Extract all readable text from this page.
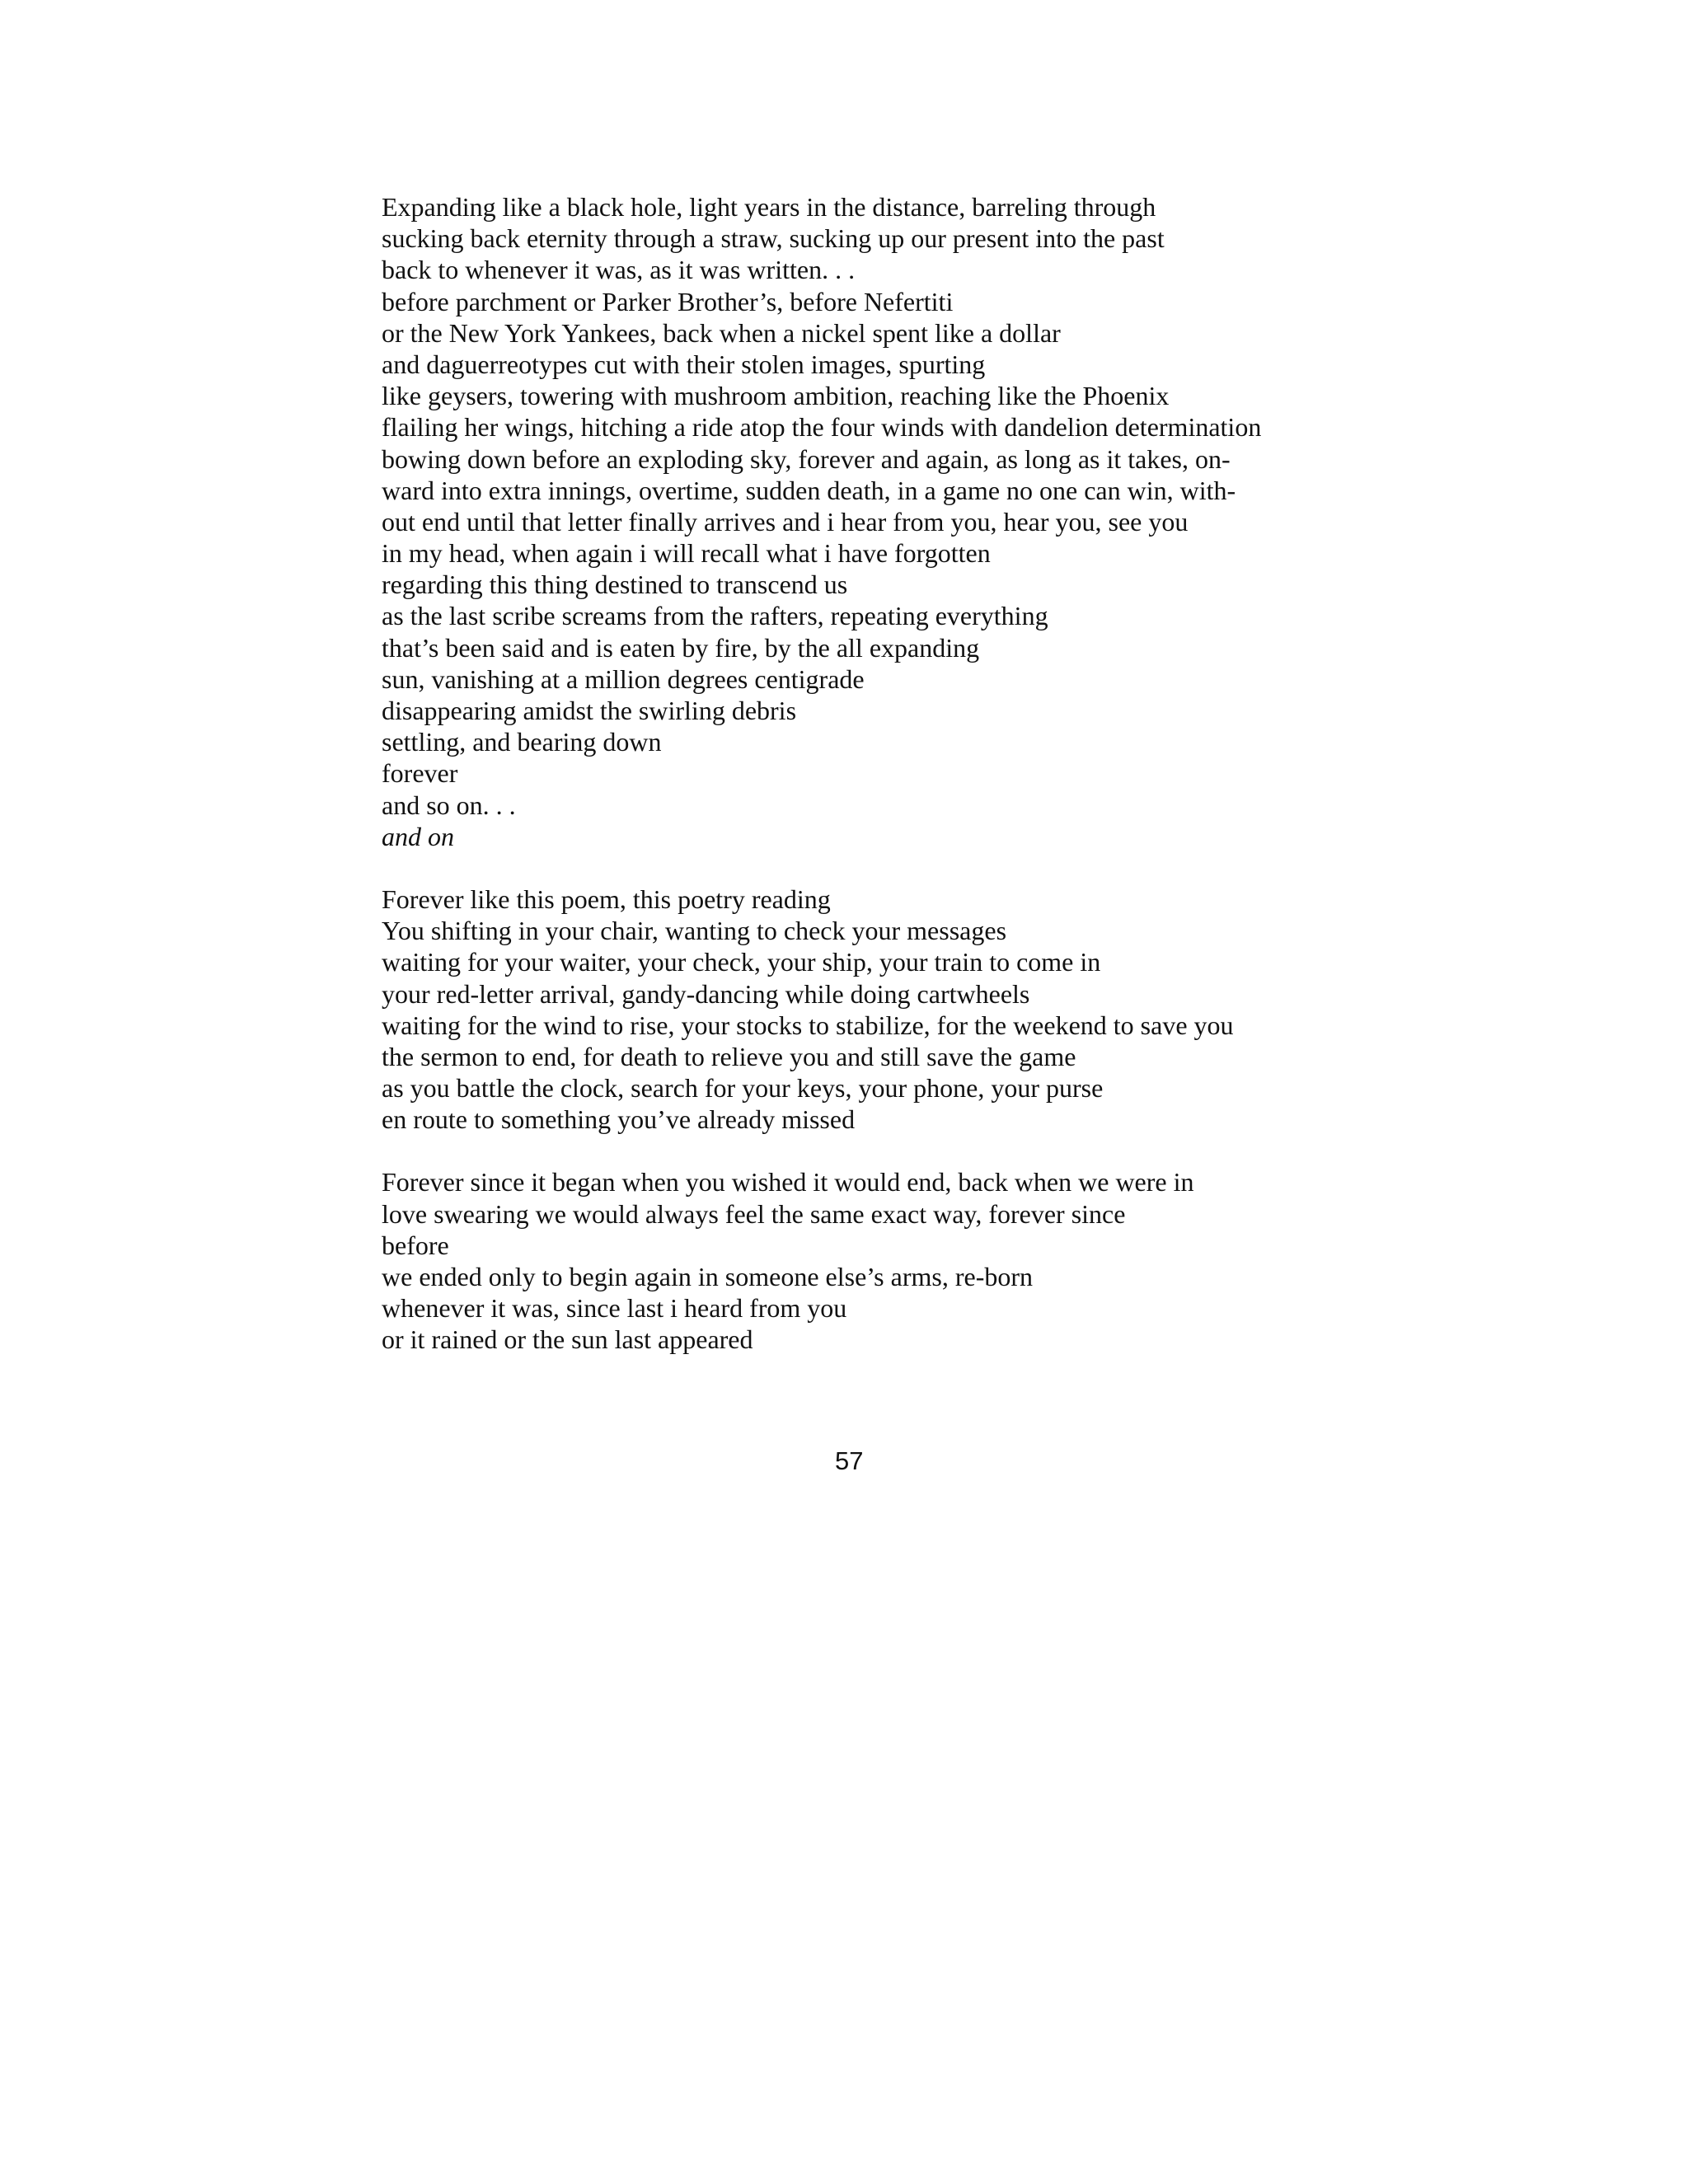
Expanding like a black hole, light years in the distance, barreling through
sucking back eternity through a straw, sucking up our present into the past
back to whenever it was, as it was written. . .
before parchment or Parker Brother’s, before Nefertiti
or the New York Yankees, back when a nickel spent like a dollar
and daguerreotypes cut with their stolen images, spurting
like geysers, towering with mushroom ambition, reaching like the Phoenix
flailing her wings, hitching a ride atop the four winds with dandelion determination
bowing down before an exploding sky, forever and again, as long as it takes, on-
ward into extra innings, overtime, sudden death, in a game no one can win, with-
out end until that letter finally arrives and i hear from you, hear you, see you
in my head, when again i will recall what i have forgotten
regarding this thing destined to transcend us
as the last scribe screams from the rafters, repeating everything
that’s been said and is eaten by fire, by the all expanding
sun, vanishing at a million degrees centigrade
disappearing amidst the swirling debris
settling, and bearing down
forever
and so on. . .
and on
Forever like this poem, this poetry reading
You shifting in your chair, wanting to check your messages
waiting for your waiter, your check, your ship, your train to come in
your red-letter arrival, gandy-dancing while doing cartwheels
waiting for the wind to rise, your stocks to stabilize, for the weekend to save you
the sermon to end, for death to relieve you and still save the game
as you battle the clock, search for your keys, your phone, your purse
en route to something you’ve already missed
Forever since it began when you wished it would end, back when we were in
love swearing we would always feel the same exact way, forever since
before
we ended only to begin again in someone else’s arms, re-born
whenever it was, since last i heard from you
or it rained or the sun last appeared
57
